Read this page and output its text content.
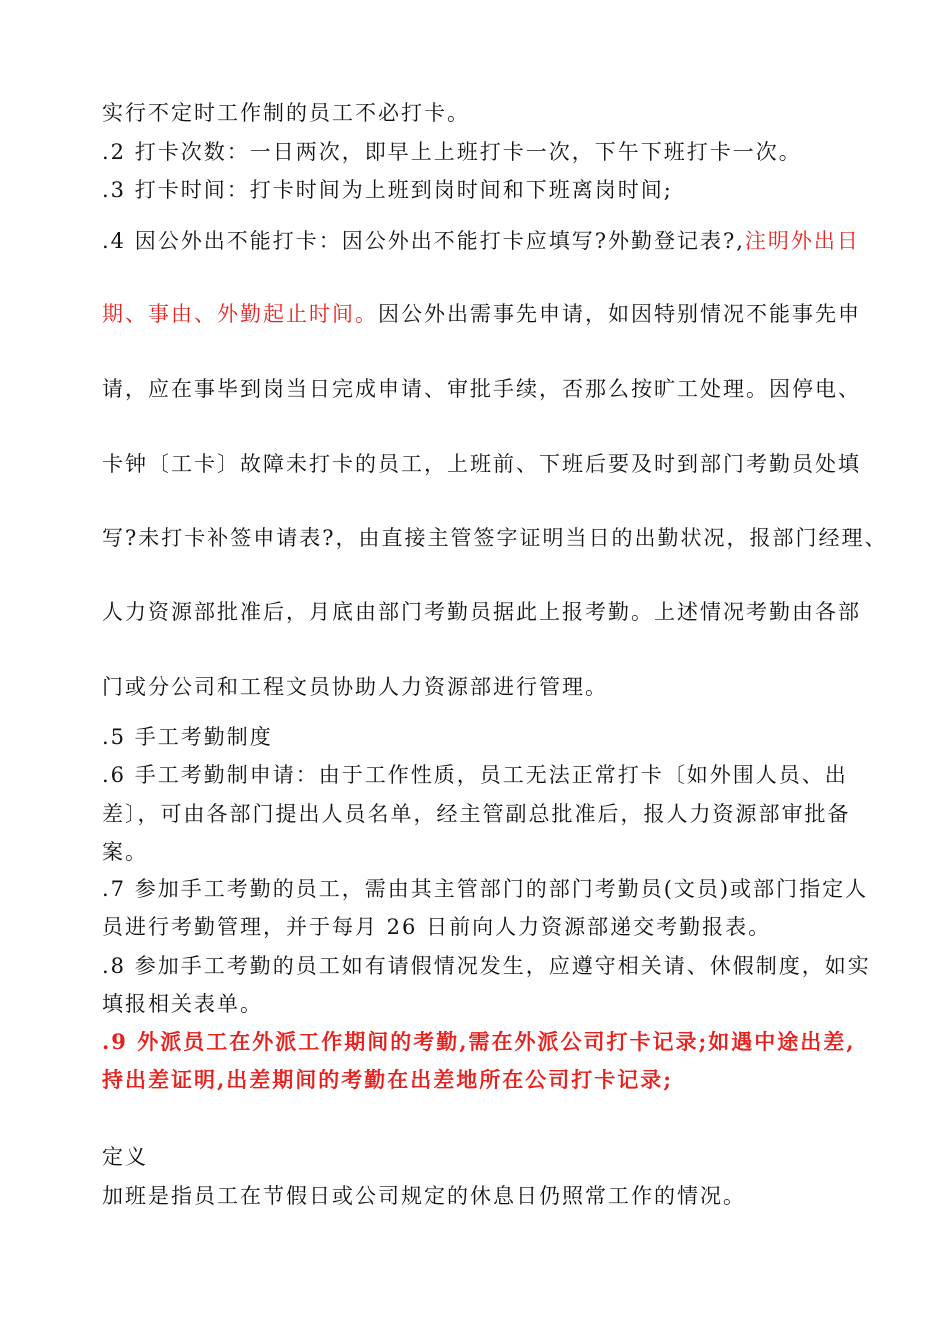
实行不定时工作制的员工不必打卡。
.2 打卡次数：一日两次，即早上上班打卡一次，下午下班打卡一次。
.3 打卡时间：打卡时间为上班到岗时间和下班离岗时间;
.4 因公外出不能打卡：因公外出不能打卡应填写?外勤登记表?,注明外出日
期、事由、外勤起止时间。因公外出需事先申请，如因特别情况不能事先申
请，应在事毕到岗当日完成申请、审批手续，否那么按旷工处理。因停电、
卡钟〔工卡〕故障未打卡的员工，上班前、下班后要及时到部门考勤员处填
写?未打卡补签申请表?，由直接主管签字证明当日的出勤状况，报部门经理、
人力资源部批准后，月底由部门考勤员据此上报考勤。上述情况考勤由各部
门或分公司和工程文员协助人力资源部进行管理。
.5 手工考勤制度
.6 手工考勤制申请：由于工作性质，员工无法正常打卡〔如外围人员、出
差〕，可由各部门提出人员名单，经主管副总批准后，报人力资源部审批备
案。
.7 参加手工考勤的员工，需由其主管部门的部门考勤员(文员)或部门指定人
员进行考勤管理，并于每月 26 日前向人力资源部递交考勤报表。
.8 参加手工考勤的员工如有请假情况发生，应遵守相关请、休假制度，如实
填报相关表单。
.9 外派员工在外派工作期间的考勤,需在外派公司打卡记录;如遇中途出差,
持出差证明,出差期间的考勤在出差地所在公司打卡记录;
定义
加班是指员工在节假日或公司规定的休息日仍照常工作的情况。
